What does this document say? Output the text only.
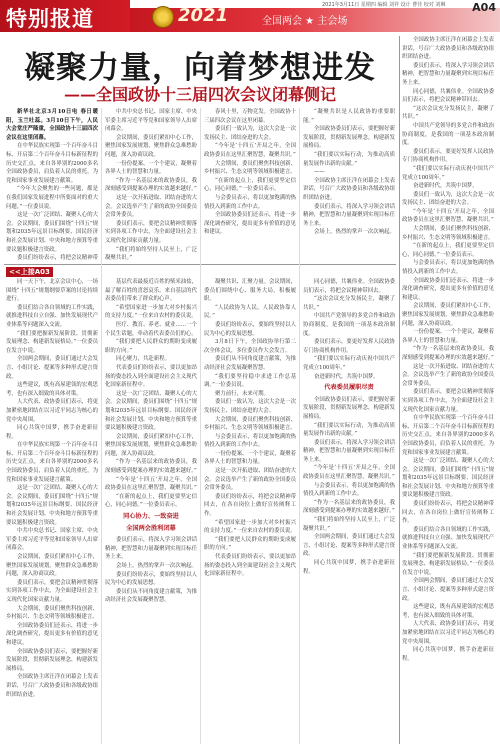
特别报道	2021	全国两会 ★ 主会场
2021年3月11日 星期四 编辑 刘祥 设计 曹佳 校对 刘琳 A04
凝聚力量，向着梦想进发
——全国政协十三届四次会议闭幕侧记

新华社北京3月10日电 春日暖阳，玉兰吐蕊。3月10日下午，人民大会堂庄严隆重，全国政协十三届四次会议在这里闭幕。

在中华民族实现第一个百年奋斗目标、开启第二个百年奋斗目标新征程的历史交汇点，来自各界别的2000多名全国政协委员，肩负着人民的重托，为党和国家事业发展建言献策。

“今年大会聚焦的一些问题，都是在我们国家发展进程中所要面对的重大问题。”一位委员说。

这是一次广泛团结、凝聚人心的大会。会议期间，委员们围绕“十四五”规划和2035年远景目标纲要、国民经济和社会发展计划、中央和地方预算等重要议题积极建言资政。

委员们纷纷表示，将把会议精神带

中共中央总书记、国家主席、中央军委主席习近平等党和国家领导人出席闭幕会。

会议期间，委员们紧扣中心工作，聚焦国家发展规划，聚焦群众急难愁盼问题，深入协商议政。

一份份提案、一个个建议，凝聚着各界人士的智慧和力量。

“作为一名基层来的政协委员，我深刻感受到提案办理的实效越来越好。”

这是一次开拓进取、团结奋进的大会。会议选举产生了新的政协全国委员会常务委员。

委员们表示，要把会议精神贯彻落实到各项工作中去，为全面建设社会主义现代化国家贡献力量。

“我们将始终坚持人民至上，广泛凝聚共识。”

春风十里，万物竞发。全国政协十三届四次会议在这里闭幕。

委员们一致认为，这次大会是一次发扬民主、团结奋进的大会。

“今年是‘十四五’开局之年，全国政协委员在这里汇聚智慧，凝聚共识。”

大会期间，委员们聚焦科技创新、乡村振兴、生态文明等领域积极建言。

“在新的起点上，我们更要坚定信心，同心同德。”一位委员表示。

与会委员表示，将以更加饱满的热情投入到新的工作中去。

全国政协委员们还表示，将进一步深化调查研究，提出更多有价值的意见和建议。

“凝聚共识是人民政协的重要职能。”

全国政协委员们表示，要把握好新发展阶段，贯彻新发展理念，构建新发展格局。

“我们要以实际行动，为推动高质量发展作出新的贡献。”

——

全国政协主席汪洋在闭幕会上发表讲话，号召广大政协委员和各级政协组织团结奋进。

委员们表示，将深入学习领会讲话精神，把智慧和力量凝聚到实现目标任务上来。

会场上，热烈的掌声一次次响起。

全国政协主席汪洋在闭幕会上发表讲话，号召广大政协委员和各级政协组织团结奋进。

委员们表示，将深入学习领会讲话精神，把智慧和力量凝聚到实现目标任务上来。

同心同德，共襄伟业。全国政协委员们表示，将把会议精神带回去。

“这次会议充分发扬民主，凝聚了共识。”

中国共产党领导的多党合作和政治协商制度，是我国的一项基本政治制度。

委员们表示，要更好发挥人民政协专门协商机构作用。

“我们要以实际行动庆祝中国共产党成立100周年。”

奋进新时代，共筑中国梦。

委员们一致认为，这次大会是一次发扬民主、团结奋进的大会。

“今年是‘十四五’开局之年，全国政协委员在这里汇聚智慧，凝聚共识。”

大会期间，委员们聚焦科技创新、乡村振兴、生态文明等领域积极建言。

“在新的起点上，我们更要坚定信心，同心同德。”一位委员表示。

与会委员表示，将以更加饱满的热情投入到新的工作中去。

全国政协委员们还表示，将进一步深化调查研究，提出更多有价值的意见和建议。

会议期间，委员们紧扣中心工作，聚焦国家发展规划，聚焦群众急难愁盼问题，深入协商议政。

一份份提案、一个个建议，凝聚着各界人士的智慧和力量。

“作为一名基层来的政协委员，我深刻感受到提案办理的实效越来越好。”

这是一次开拓进取、团结奋进的大会。会议选举产生了新的政协全国委员会常务委员。

委员们表示，要把会议精神贯彻落实到各项工作中去，为全面建设社会主义现代化国家贡献力量。

在中华民族实现第一个百年奋斗目标、开启第二个百年奋斗目标新征程的历史交汇点，来自各界别的2000多名全国政协委员，肩负着人民的重托，为党和国家事业发展建言献策。

这是一次广泛团结、凝聚人心的大会。会议期间，委员们围绕“十四五”规划和2035年远景目标纲要、国民经济和社会发展计划、中央和地方预算等重要议题积极建言资政。

委员们纷纷表示，将把会议精神带回去，在各自岗位上做好宣传阐释工作。

委员们结合各自领域的工作实践，就推进科技自立自强、加快发展现代产业体系等问题深入交流。

“我们要把握新发展阶段、贯彻新发展理念、构建新发展格局。”一位委员在发言中说。

全国两会期间，委员们通过大会发言、小组讨论、提案等多种形式建言资政。

这些建议，既有高屋建瓴的宏观思考，也有深入细致的具体对策。

人大代表、政协委员们表示，将更加紧密地团结在以习近平同志为核心的党中央周围。

同心共筑中国梦，携手奋进新征程。

<<上接A03

同一天下午，北京会议中心，一场围绕“十四五”规划纲要草案的讨论持续进行。

委员们结合各自领域的工作实践，就推进科技自立自强、加快发展现代产业体系等问题深入交流。

“我们要把握新发展阶段、贯彻新发展理念、构建新发展格局。”一位委员在发言中说。

全国两会期间，委员们通过大会发言、小组讨论、提案等多种形式建言资政。

这些建议，既有高屋建瓴的宏观思考，也有深入细致的具体对策。

人大代表、政协委员们表示，将更加紧密地团结在以习近平同志为核心的党中央周围。

同心共筑中国梦，携手奋进新征程。

在中华民族实现第一个百年奋斗目标、开启第二个百年奋斗目标新征程的历史交汇点，来自各界别的2000多名全国政协委员，肩负着人民的重托，为党和国家事业发展建言献策。

这是一次广泛团结、凝聚人心的大会。会议期间，委员们围绕“十四五”规划和2035年远景目标纲要、国民经济和社会发展计划、中央和地方预算等重要议题积极建言资政。

中共中央总书记、国家主席、中央军委主席习近平等党和国家领导人出席闭幕会。

会议期间，委员们紧扣中心工作，聚焦国家发展规划，聚焦群众急难愁盼问题，深入协商议政。

委员们表示，要把会议精神贯彻落实到各项工作中去，为全面建设社会主义现代化国家贡献力量。

大会期间，委员们聚焦科技创新、乡村振兴、生态文明等领域积极建言。

全国政协委员们还表示，将进一步深化调查研究，提出更多有价值的意见和建议。

全国政协委员们表示，要把握好新发展阶段，贯彻新发展理念，构建新发展格局。

全国政协主席汪洋在闭幕会上发表讲话，号召广大政协委员和各级政协组织团结奋进。

基层代表最接近百姓的柴米油盐，最了解百姓的喜怒哀乐。来自基层的代表委员们带来了群众的心声。

“希望国家进一步加大对乡村振兴的支持力度。”一位来自农村的委员说。

医疗、教育、养老、就业……一个个民生话题，牵动着代表委员们的心。

“我们要把人民群众的期盼变成履职的方向。”

同心聚力，共赴新程。

代表委员们纷纷表示，要以更加昂扬的姿态投入到全面建设社会主义现代化国家新征程中。

这是一次广泛团结、凝聚人心的大会。会议期间，委员们围绕“十四五”规划和2035年远景目标纲要、国民经济和社会发展计划、中央和地方预算等重要议题积极建言资政。

会议期间，委员们紧扣中心工作，聚焦国家发展规划，聚焦群众急难愁盼问题，深入协商议政。

“作为一名基层来的政协委员，我深刻感受到提案办理的实效越来越好。”

“今年是‘十四五’开局之年，全国政协委员在这里汇聚智慧，凝聚共识。”

“在新的起点上，我们更要坚定信心，同心同德。”一位委员表示。

同心协力、一致奋进

全国两会胜利闭幕

委员们表示，将深入学习领会讲话精神，把智慧和力量凝聚到实现目标任务上来。

会场上，热烈的掌声一次次响起。

委员们纷纷表示，要始终坚持以人民为中心的发展思想。

委员们从不同角度建言献策，为推动经济社会发展凝聚智慧。

凝聚共识、汇聚力量。会议期间，委员们围绕中心、服务大局，积极履职。

“人民政协为人民，人民政协靠人民。”

委员们纷纷表示，要始终坚持以人民为中心的发展思想。

3月8日下午，全国政协举行第二次全体会议，多位委员作大会发言。

委员们从不同角度建言献策，为推动经济社会发展凝聚智慧。

“我们要坚持稳中求进工作总基调。”一位委员说。

聚力前行，未来可期。

委员们一致认为，这次大会是一次发扬民主、团结奋进的大会。

大会期间，委员们聚焦科技创新、乡村振兴、生态文明等领域积极建言。

与会委员表示，将以更加饱满的热情投入到新的工作中去。

一份份提案、一个个建议，凝聚着各界人士的智慧和力量。

这是一次开拓进取、团结奋进的大会。会议选举产生了新的政协全国委员会常务委员。

委员们纷纷表示，将把会议精神带回去，在各自岗位上做好宣传阐释工作。

“希望国家进一步加大对乡村振兴的支持力度。”一位来自农村的委员说。

“我们要把人民群众的期盼变成履职的方向。”

代表委员们纷纷表示，要以更加昂扬的姿态投入到全面建设社会主义现代化国家新征程中。

同心同德，共襄伟业。全国政协委员们表示，将把会议精神带回去。

“这次会议充分发扬民主，凝聚了共识。”

中国共产党领导的多党合作和政治协商制度，是我国的一项基本政治制度。

委员们表示，要更好发挥人民政协专门协商机构作用。

“我们要以实际行动庆祝中国共产党成立100周年。”

奋进新时代，共筑中国梦。

代表委员履职尽责

全国政协委员们表示，要把握好新发展阶段，贯彻新发展理念，构建新发展格局。

“我们要以实际行动，为推动高质量发展作出新的贡献。”

委员们表示，将深入学习领会讲话精神，把智慧和力量凝聚到实现目标任务上来。

“今年是‘十四五’开局之年，全国政协委员在这里汇聚智慧，凝聚共识。”

与会委员表示，将以更加饱满的热情投入到新的工作中去。

“作为一名基层来的政协委员，我深刻感受到提案办理的实效越来越好。”

“我们将始终坚持人民至上，广泛凝聚共识。”

全国两会期间，委员们通过大会发言、小组讨论、提案等多种形式建言资政。

同心共筑中国梦，携手奋进新征程。
